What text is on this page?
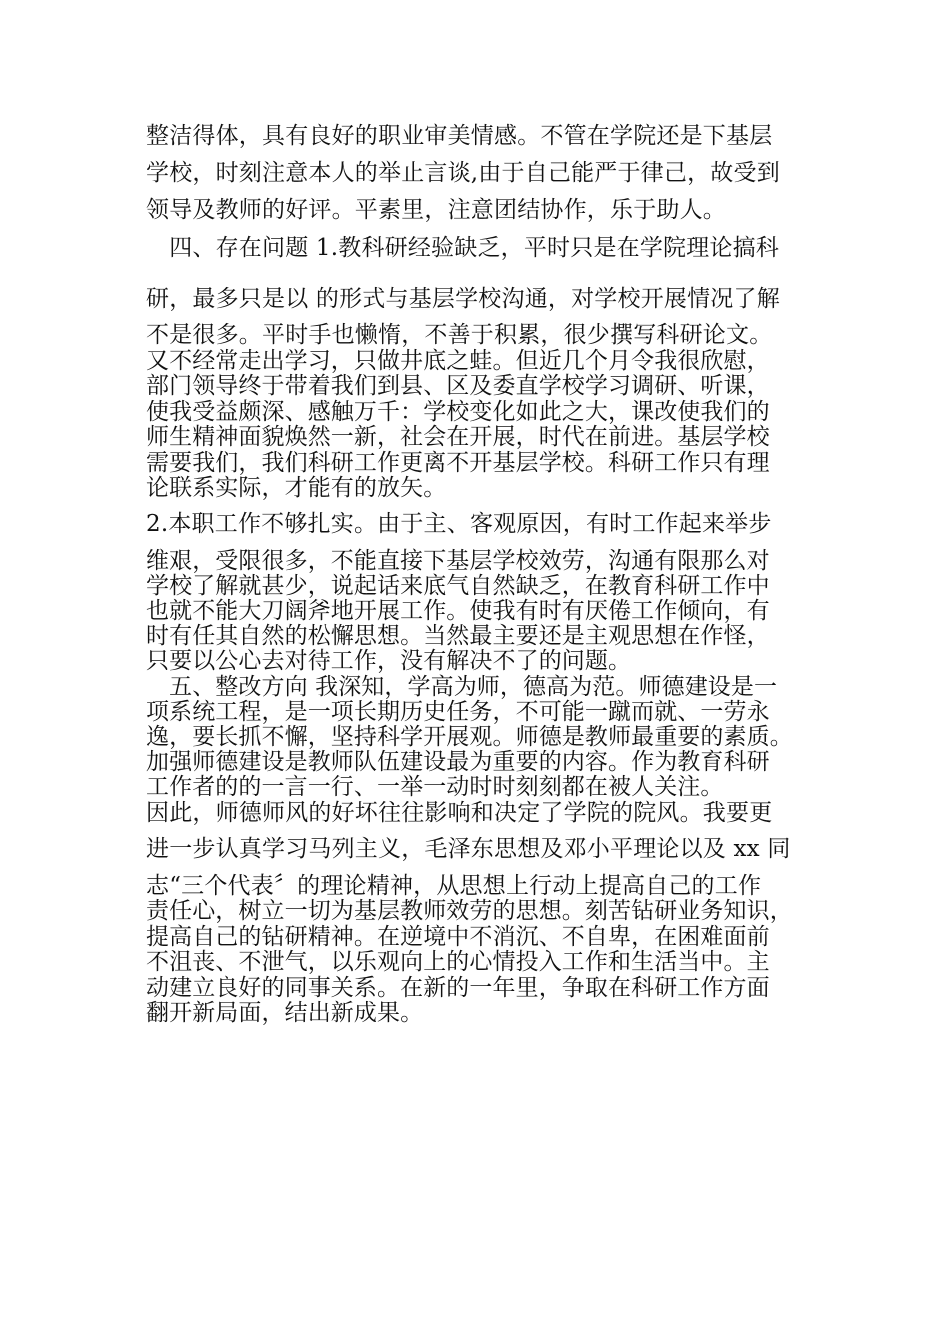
整洁得体，具有良好的职业审美情感。不管在学院还是下基层
学校，时刻注意本人的举止言谈,由于自己能严于律己，故受到
领导及教师的好评。平素里，注意团结协作，乐于助人。
　四、存在问题 1.教科研经验缺乏，平时只是在学院理论搞科
研，最多只是以 的形式与基层学校沟通，对学校开展情况了解
不是很多。平时手也懒惰，不善于积累，很少撰写科研论文。
又不经常走出学习，只做井底之蛙。但近几个月令我很欣慰，
部门领导终于带着我们到县、区及委直学校学习调研、听课，
使我受益颇深、感触万千：学校变化如此之大，课改使我们的
师生精神面貌焕然一新，社会在开展，时代在前进。基层学校
需要我们，我们科研工作更离不开基层学校。科研工作只有理
论联系实际，才能有的放矢。
2.本职工作不够扎实。由于主、客观原因，有时工作起来举步
维艰，受限很多，不能直接下基层学校效劳，沟通有限那么对
学校了解就甚少，说起话来底气自然缺乏，在教育科研工作中
也就不能大刀阔斧地开展工作。使我有时有厌倦工作倾向，有
时有任其自然的松懈思想。当然最主要还是主观思想在作怪，
只要以公心去对待工作，没有解决不了的问题。
　五、整改方向 我深知，学高为师，德高为范。师德建设是一
项系统工程，是一项长期历史任务，不可能一蹴而就、一劳永
逸，要长抓不懈，坚持科学开展观。师德是教师最重要的素质。
加强师德建设是教师队伍建设最为重要的内容。作为教育科研
工作者的的一言一行、一举一动时时刻刻都在被人关注。
因此，师德师风的好坏往往影响和决定了学院的院风。我要更
进一步认真学习马列主义，毛泽东思想及邓小平理论以及 xx 同
志“三个代表〞的理论精神，从思想上行动上提高自己的工作
责任心，树立一切为基层教师效劳的思想。刻苦钻研业务知识，
提高自己的钻研精神。在逆境中不消沉、不自卑，在困难面前
不沮丧、不泄气，以乐观向上的心情投入工作和生活当中。主
动建立良好的同事关系。在新的一年里，争取在科研工作方面
翻开新局面，结出新成果。
